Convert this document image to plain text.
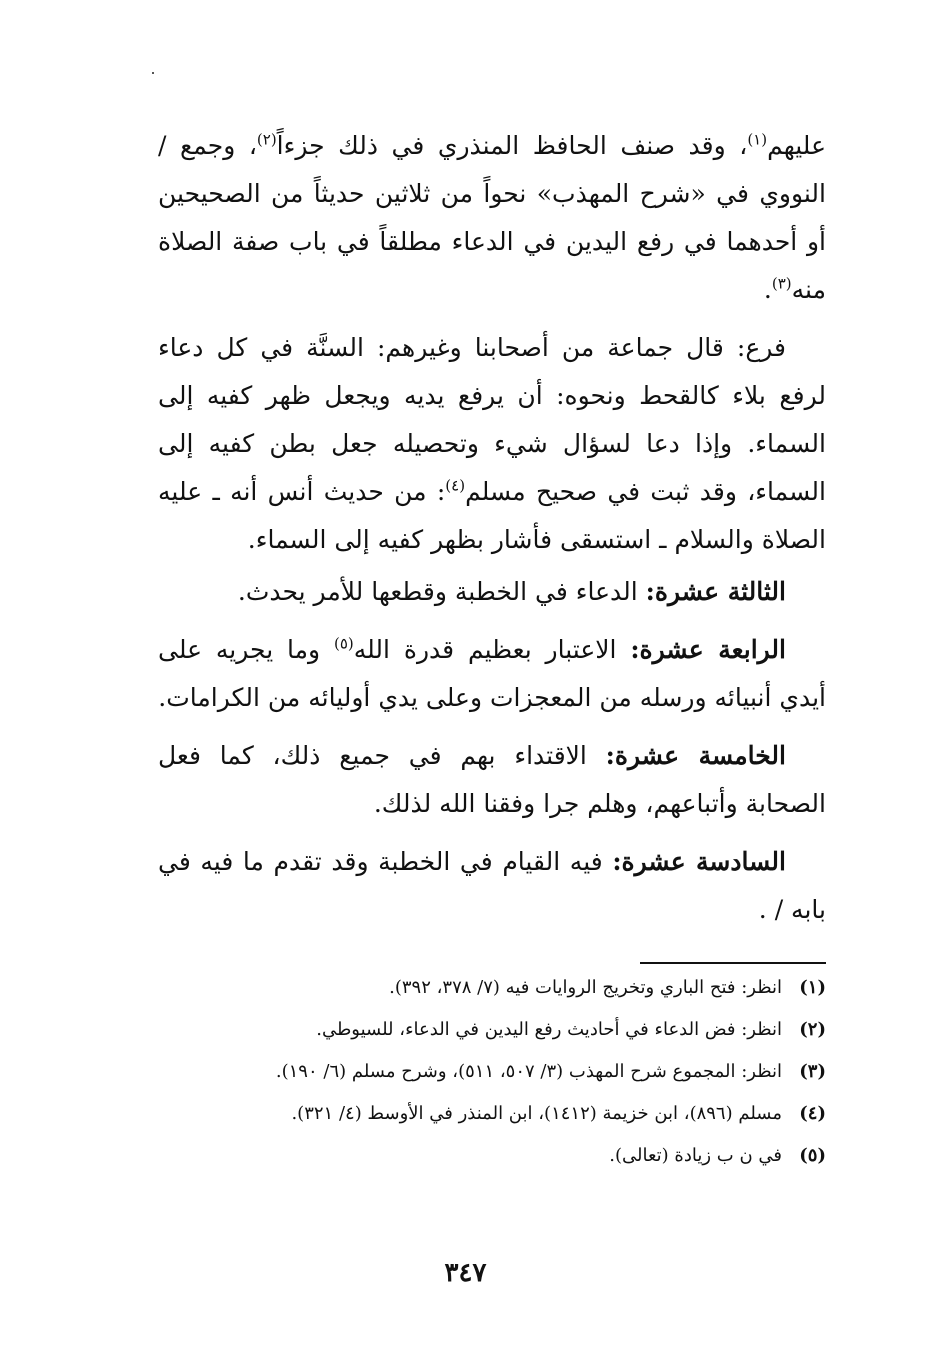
عليهم$^{(١)}$، وقد صنف الحافظ المنذري في ذلك جزءاً$^{(٢)}$، وجمع / النووي في «شرح المهذب» نحواً من ثلاثين حديثاً من الصحيحين أو أحدهما في رفع اليدين في الدعاء مطلقاً في باب صفة الصلاة منه$^{(٣)}$.

فرع: قال جماعة من أصحابنا وغيرهم: السنَّة في كل دعاء لرفع بلاء كالقحط ونحوه: أن يرفع يديه ويجعل ظهر كفيه إلى السماء. وإذا دعا لسؤال شيء وتحصيله جعل بطن كفيه إلى السماء، وقد ثبت في صحيح مسلم$^{(٤)}$: من حديث أنس أنه ـ عليه الصلاة والسلام ـ استسقى فأشار بظهر كفيه إلى السماء.

الثالثة عشرة: الدعاء في الخطبة وقطعها للأمر يحدث.

الرابعة عشرة: الاعتبار بعظيم قدرة الله$^{(٥)}$ وما يجريه على أيدي أنبيائه ورسله من المعجزات وعلى يدي أوليائه من الكرامات.

الخامسة عشرة: الاقتداء بهم في جميع ذلك، كما فعل الصحابة وأتباعهم، وهلم جرا وفقنا الله لذلك.

السادسة عشرة: فيه القيام في الخطبة وقد تقدم ما فيه في بابه / .

(١)
انظر: فتح الباري وتخريج الروايات فيه (٧/ ٣٧٨، ٣٩٢).
(٢)
انظر: فض الدعاء في أحاديث رفع اليدين في الدعاء، للسيوطي.
(٣)
انظر: المجموع شرح المهذب (٣/ ٥٠٧، ٥١١)، وشرح مسلم (٦/ ١٩٠).
(٤)
مسلم (٨٩٦)، ابن خزيمة (١٤١٢)، ابن المنذر في الأوسط (٤/ ٣٢١).
(٥)
في ن ب زيادة (تعالى).
٣٤٧
